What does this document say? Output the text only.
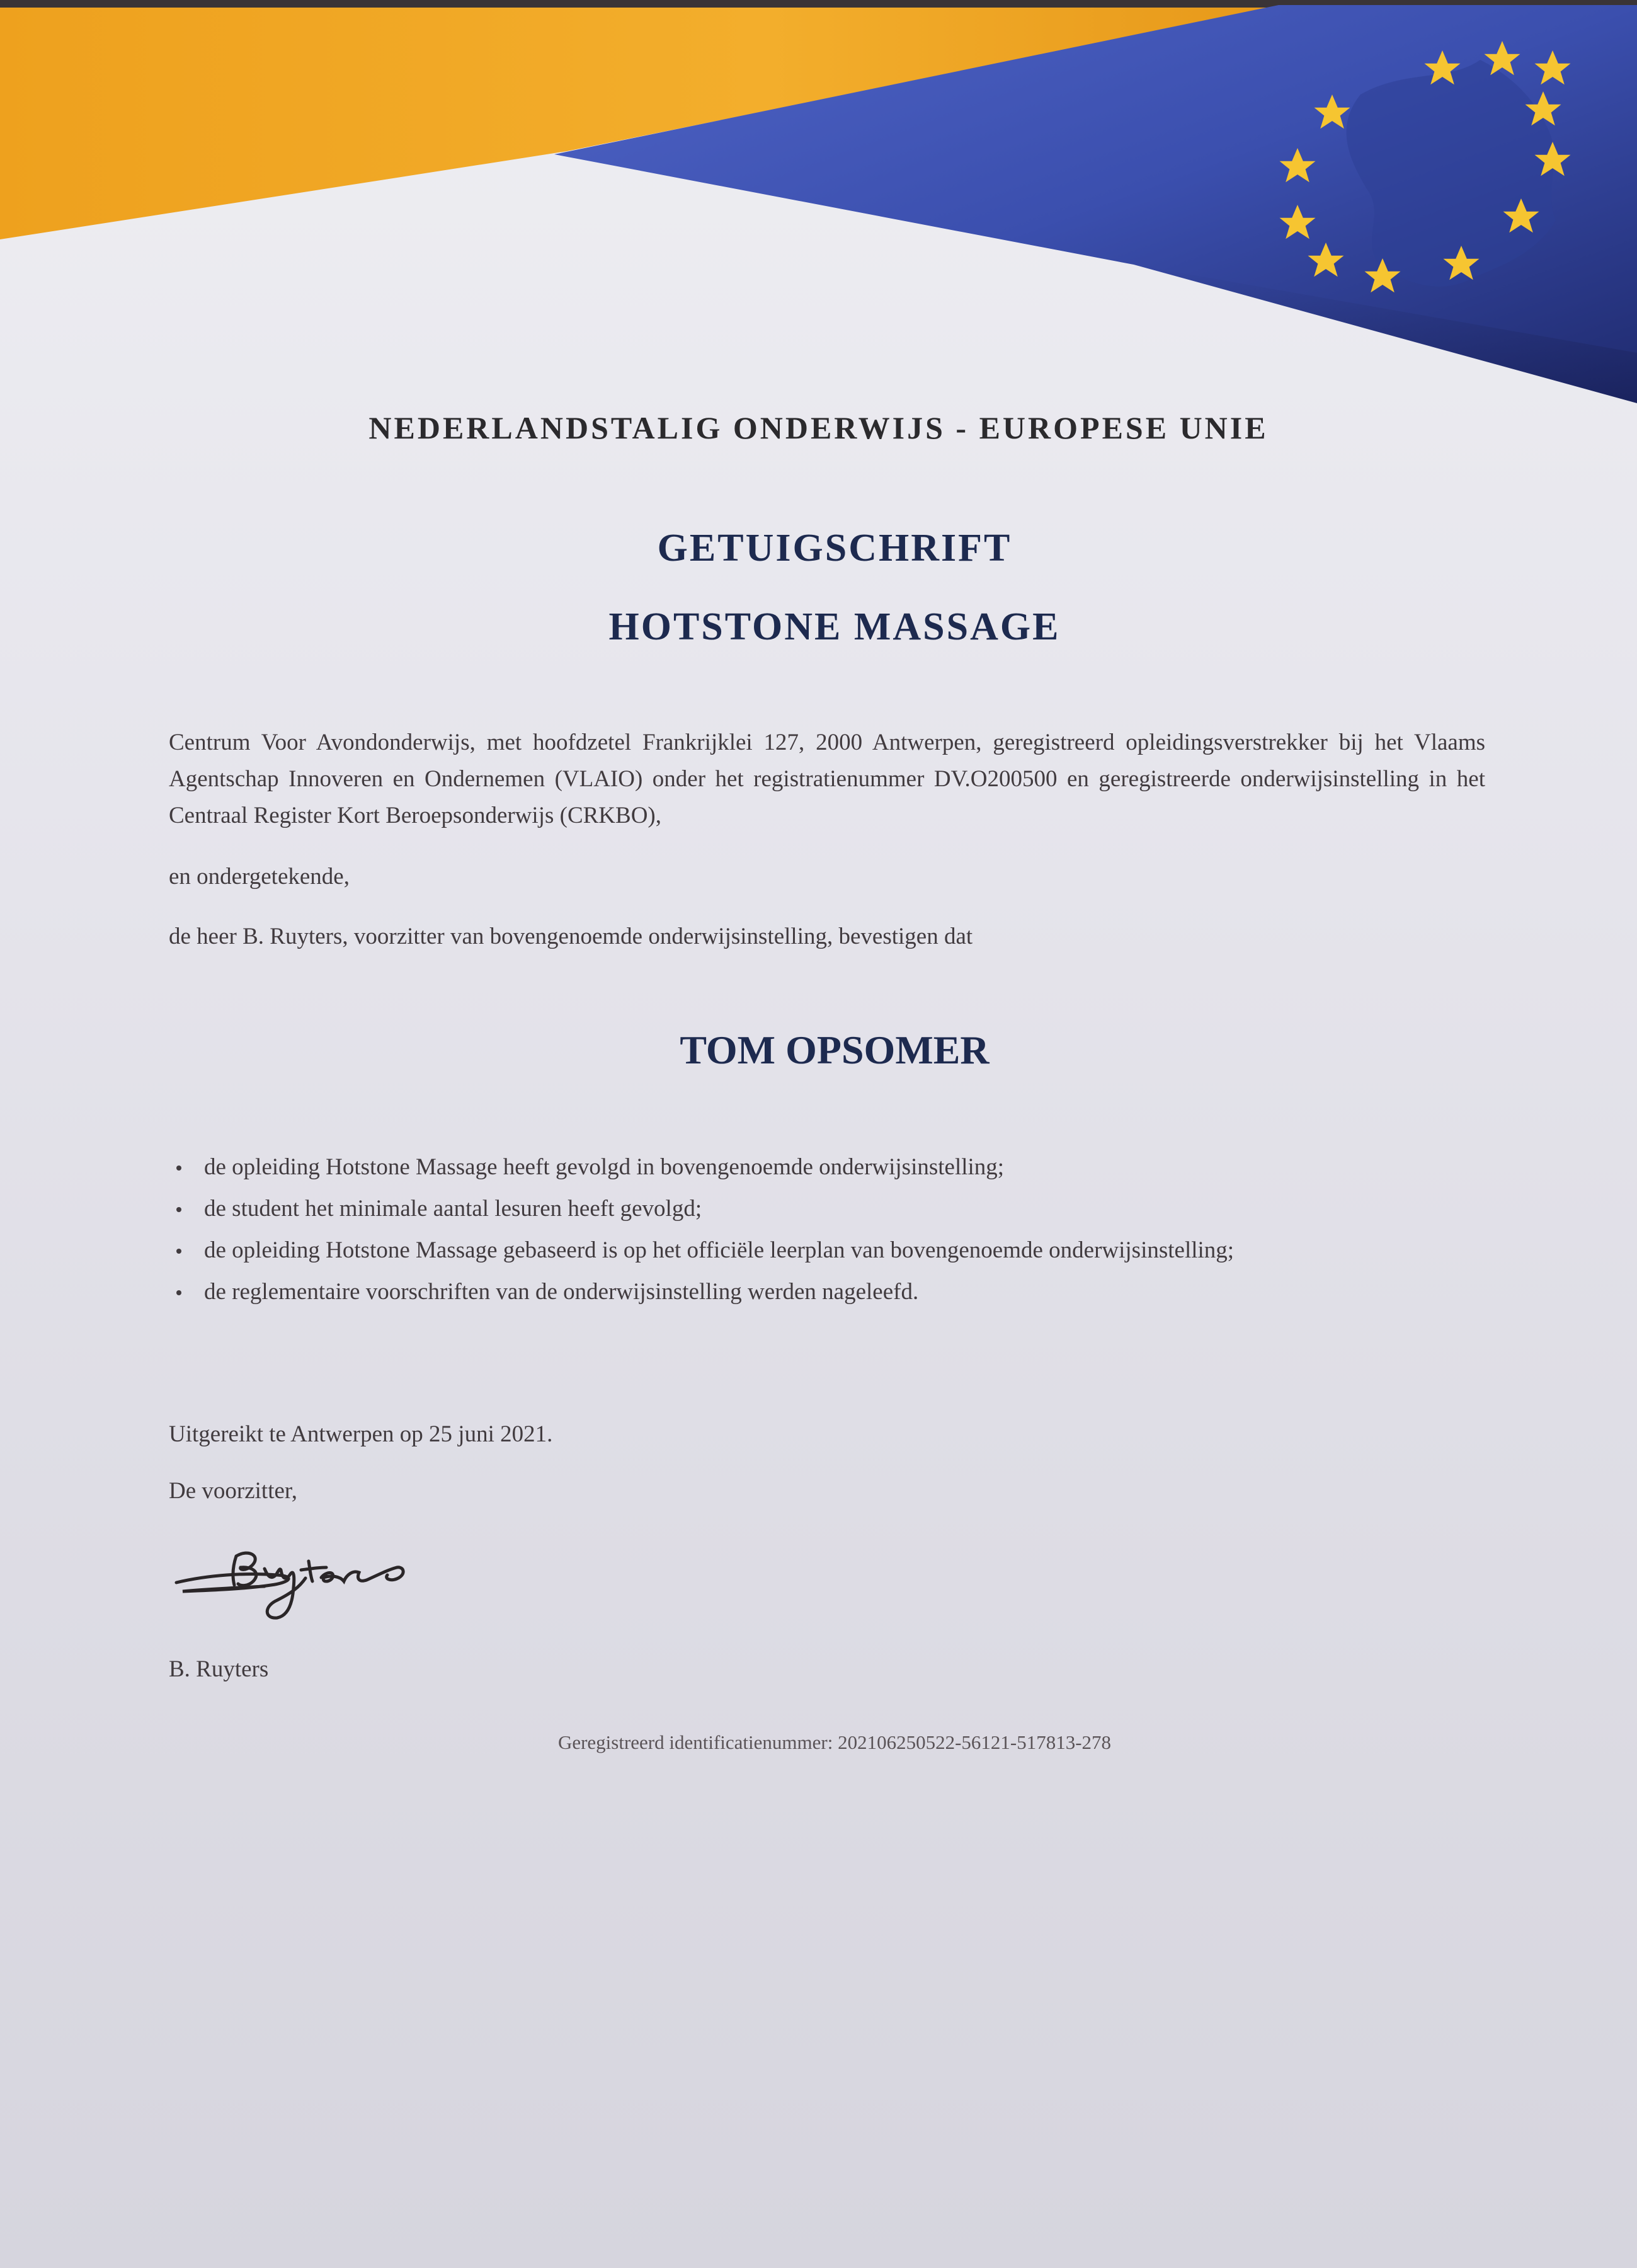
NEDERLANDSTALIG ONDERWIJS - EUROPESE UNIE
GETUIGSCHRIFT
HOTSTONE MASSAGE
Centrum Voor Avondonderwijs, met hoofdzetel Frankrijklei 127, 2000 Antwerpen, geregistreerd opleidingsverstrekker bij het Vlaams Agentschap Innoveren en Ondernemen (VLAIO) onder het registratienummer DV.O200500 en geregistreerde onderwijsinstelling in het Centraal Register Kort Beroepsonderwijs (CRKBO),
en ondergetekende,
de heer B. Ruyters, voorzitter van bovengenoemde onderwijsinstelling, bevestigen dat
TOM OPSOMER
de opleiding Hotstone Massage heeft gevolgd in bovengenoemde onderwijsinstelling;
de student het minimale aantal lesuren heeft gevolgd;
de opleiding Hotstone Massage gebaseerd is op het officiële leerplan van bovengenoemde onderwijsinstelling;
de reglementaire voorschriften van de onderwijsinstelling werden nageleefd.
Uitgereikt te Antwerpen op 25 juni 2021.
De voorzitter,
B. Ruyters
Geregistreerd identificatienummer: 202106250522-56121-517813-278
